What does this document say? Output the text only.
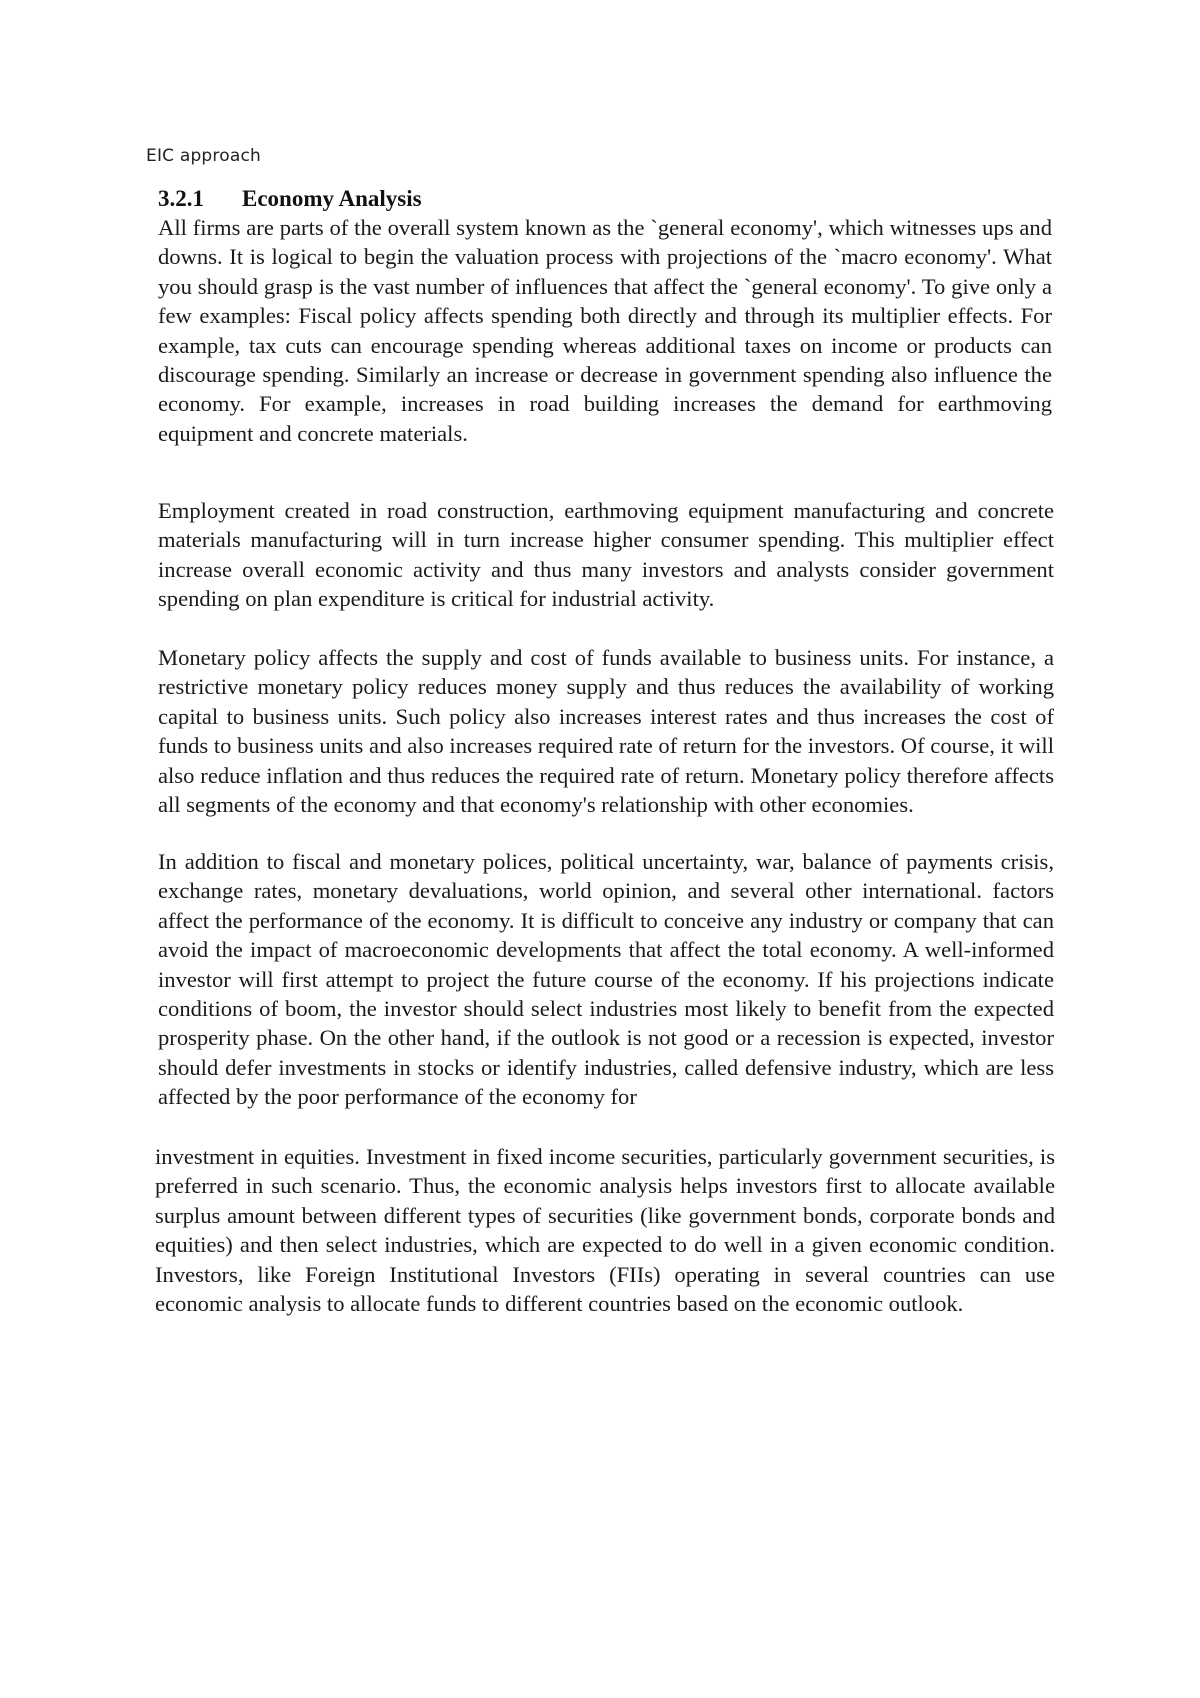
EIC approach
3.2.1 Economy Analysis

All firms are parts of the overall system known as the `general economy', which witnesses ups and downs. It is logical to begin the valuation process with projections of the `macro economy'. What you should grasp is the vast number of influences that affect the `general economy'. To give only a few examples: Fiscal policy affects spending both directly and through its multiplier effects. For example, tax cuts can encourage spending whereas additional taxes on income or products can discourage spending. Similarly an increase or decrease in government spending also influence the economy. For example, increases in road building increases the demand for earthmoving equipment and concrete materials.

Employment created in road construction, earthmoving equipment manufacturing and concrete materials manufacturing will in turn increase higher consumer spending. This multiplier effect increase overall economic activity and thus many investors and analysts consider government spending on plan expenditure is critical for industrial activity.

Monetary policy affects the supply and cost of funds available to business units. For instance, a restrictive monetary policy reduces money supply and thus reduces the availability of working capital to business units. Such policy also increases interest rates and thus increases the cost of funds to business units and also increases required rate of return for the investors. Of course, it will also reduce inflation and thus reduces the required rate of return. Monetary policy therefore affects all segments of the economy and that economy's relationship with other economies.

In addition to fiscal and monetary polices, political uncertainty, war, balance of payments crisis, exchange rates, monetary devaluations, world opinion, and several other international. factors affect the performance of the economy. It is difficult to conceive any industry or company that can avoid the impact of macroeconomic developments that affect the total economy. A well-informed investor will first attempt to project the future course of the economy. If his projections indicate conditions of boom, the investor should select industries most likely to benefit from the expected prosperity phase. On the other hand, if the outlook is not good or a recession is expected, investor should defer investments in stocks or identify industries, called defensive industry, which are less affected by the poor performance of the economy for

investment in equities. Investment in fixed income securities, particularly government securities, is preferred in such scenario. Thus, the economic analysis helps investors first to allocate available surplus amount between different types of securities (like government bonds, corporate bonds and equities) and then select industries, which are expected to do well in a given economic condition. Investors, like Foreign Institutional Investors (FIIs) operating in several countries can use economic analysis to allocate funds to different countries based on the economic outlook.
